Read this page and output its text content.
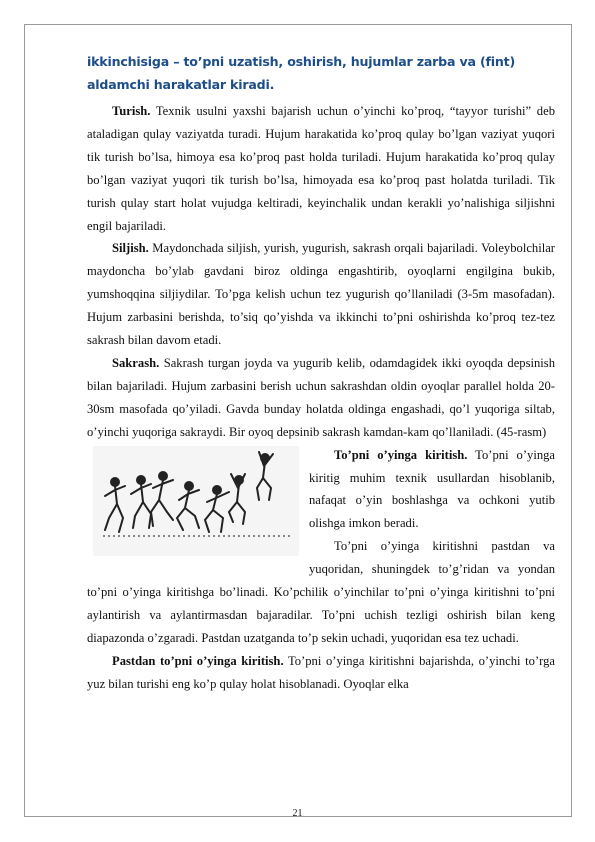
ikkinchisiga – to’pni uzatish, oshirish, hujumlar zarba va (fint) aldamchi harakatlar kiradi.

Turish. Texnik usulni yaxshi bajarish uchun o’yinchi ko’proq, “tayyor turishi” deb ataladigan qulay vaziyatda turadi. Hujum harakatida ko’proq qulay bo’lgan vaziyat yuqori tik turish bo’lsa, himoya esa ko’proq past holda turiladi. Hujum harakatida ko’proq qulay bo’lgan vaziyat yuqori tik turish bo’lsa, himoyada esa ko’proq past holatda turiladi. Tik turish qulay start holat vujudga keltiradi, keyinchalik undan kerakli yo’nalishiga siljishni engil bajariladi.

Siljish. Maydonchada siljish, yurish, yugurish, sakrash orqali bajariladi. Voleybolchilar maydoncha bo’ylab gavdani biroz oldinga engashtirib, oyoqlarni engilgina bukib, yumshoqqina siljiydilar. To’pga kelish uchun tez yugurish qo’llaniladi (3-5m masofadan). Hujum zarbasini berishda, to’siq qo’yishda va ikkinchi to’pni oshirishda ko’proq tez-tez sakrash bilan davom etadi.

Sakrash. Sakrash turgan joyda va yugurib kelib, odamdagidek ikki oyoqda depsinish bilan bajariladi. Hujum zarbasini berish uchun sakrashdan oldin oyoqlar parallel holda 20-30sm masofada qo’yiladi. Gavda bunday holatda oldinga engashadi, qo’l yuqoriga siltab, o’yinchi yuqoriga sakraydi. Bir oyoq depsinib sakrash kamdan-kam qo’llaniladi. (45-rasm)

To’pni o’yinga kiritish. To’pni o’yinga kiritig muhim texnik usullardan hisoblanib, nafaqat o’yin boshlashga va ochkoni yutib olishga imkon beradi.

To’pni o’yinga kiritishni pastdan va yuqoridan, shuningdek to’g’ridan va yondan to’pni o’yinga kiritishga bo’linadi. Ko’pchilik o’yinchilar to’pni o’yinga kiritishni to’pni aylantirish va aylantirmasdan bajaradilar. To’pni uchish tezligi oshirish bilan keng diapazonda o’zgaradi. Pastdan uzatganda to’p sekin uchadi, yuqoridan esa tez uchadi.

Pastdan to’pni o’yinga kiritish. To’pni o’yinga kiritishni bajarishda, o’yinchi to’rga yuz bilan turishi eng ko’p qulay holat hisoblanadi. Oyoqlar elka

21
